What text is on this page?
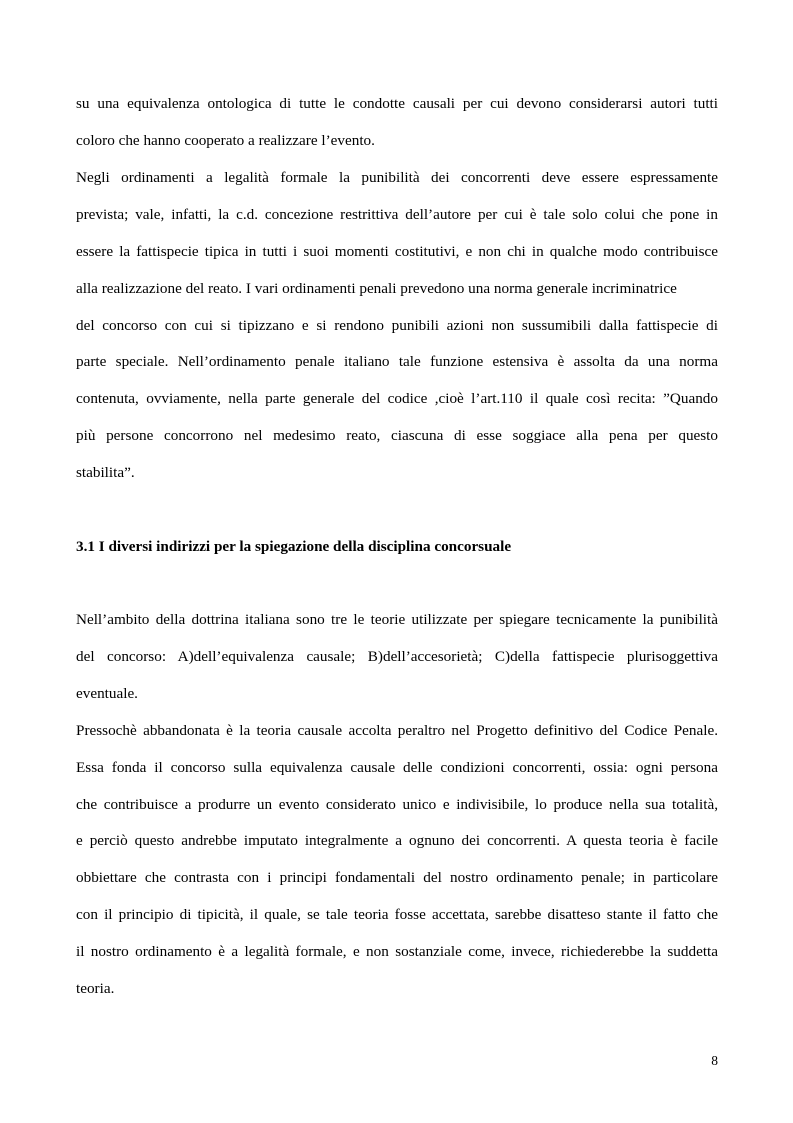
su una equivalenza ontologica di tutte le condotte causali per cui devono considerarsi autori tutti

coloro che hanno cooperato a realizzare l’evento.

Negli ordinamenti a legalità formale la punibilità dei concorrenti deve essere espressamente

prevista; vale, infatti, la c.d. concezione restrittiva dell’autore per cui è tale solo colui che pone in

essere la fattispecie tipica in tutti i suoi momenti costitutivi, e non chi in qualche modo contribuisce

alla realizzazione del reato. I vari ordinamenti penali prevedono una norma generale incriminatrice

del concorso con cui si tipizzano e si rendono punibili azioni non sussumibili dalla fattispecie di

parte speciale. Nell’ordinamento penale italiano tale funzione estensiva è assolta da una norma

contenuta, ovviamente, nella parte generale del codice ,cioè l’art.110 il quale così recita: ”Quando

più persone concorrono nel medesimo reato, ciascuna di esse soggiace alla pena per questo

stabilita”.

3.1 I diversi indirizzi per la spiegazione della disciplina concorsuale

Nell’ambito della dottrina italiana sono tre le teorie utilizzate per spiegare tecnicamente la punibilità

del concorso: A)dell’equivalenza causale; B)dell’accesorietà; C)della fattispecie plurisoggettiva

eventuale.

Pressochè abbandonata è la teoria causale accolta peraltro nel Progetto definitivo del Codice Penale.

Essa fonda il concorso sulla equivalenza causale delle condizioni concorrenti, ossia: ogni persona

che contribuisce a produrre un evento considerato unico e indivisibile, lo produce nella sua totalità,

e perciò questo andrebbe imputato integralmente a ognuno dei concorrenti. A questa teoria è facile

obbiettare che contrasta con i principi fondamentali del nostro ordinamento penale; in particolare

con il principio di tipicità, il quale, se tale teoria fosse accettata, sarebbe disatteso stante il fatto che

il nostro ordinamento è a legalità formale, e non sostanziale come, invece, richiederebbe la suddetta

teoria.

8
